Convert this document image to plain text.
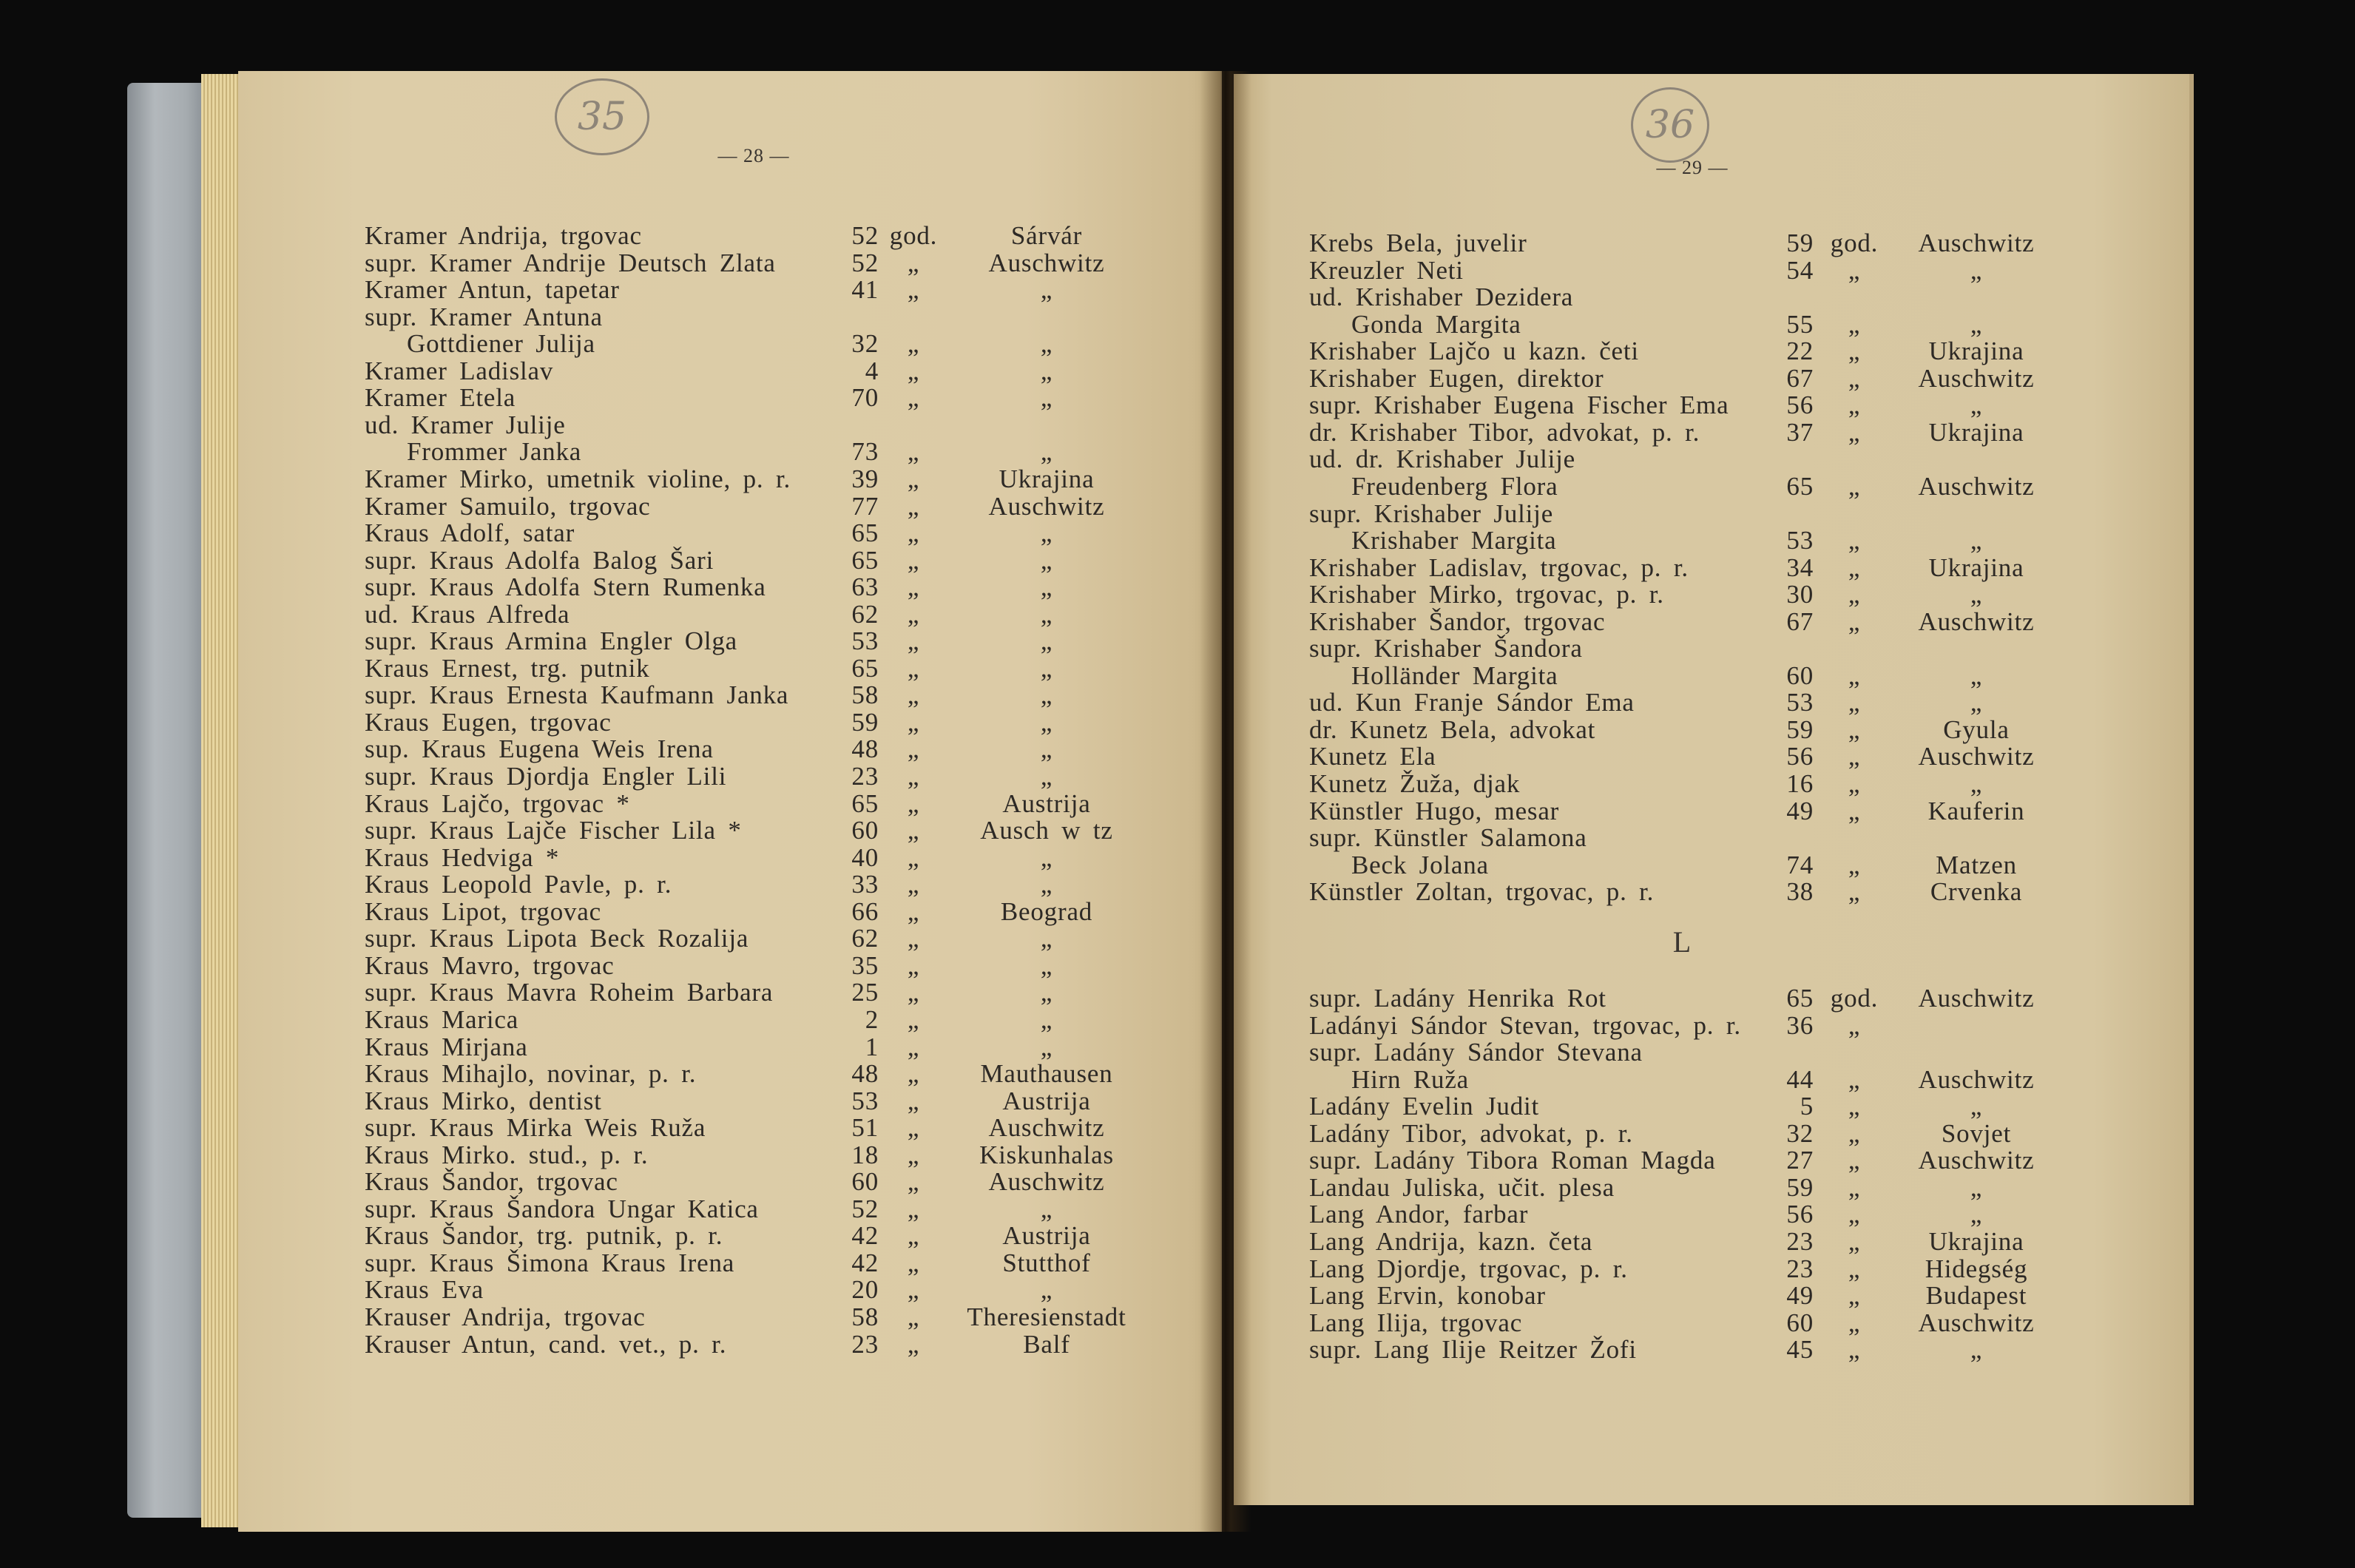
35
— 28 —
36
— 29 —
Kramer Andrija, trgovac	52 god.	Sárvár
supr. Kramer Andrije Deutsch Zlata	52	„	Auschwitz
Kramer Antun, tapetar	41	„	„
supr. Kramer Antuna
Gottdiener Julija	32	„	„
Kramer Ladislav	4	„	„
Kramer Etela	70	„	„
ud. Kramer Julije
Frommer Janka	73	„	„
Kramer Mirko, umetnik violine, p. r.	39	„	Ukrajina
Kramer Samuilo, trgovac	77	„	Auschwitz
Kraus Adolf, satar	65	„	„
supr. Kraus Adolfa Balog Šari	65	„	„
supr. Kraus Adolfa Stern Rumenka	63	„	„
ud. Kraus Alfreda	62	„	„
supr. Kraus Armina Engler Olga	53	„	„
Kraus Ernest, trg. putnik	65	„	„
supr. Kraus Ernesta Kaufmann Janka	58	„	„
Kraus Eugen, trgovac	59	„	„
sup. Kraus Eugena Weis Irena	48	„	„
supr. Kraus Djordja Engler Lili	23	„	„
Kraus Lajčo, trgovac *	65	„	Austrija
supr. Kraus Lajče Fischer Lila *	60	„	Ausch w tz
Kraus Hedviga *	40	„	„
Kraus Leopold Pavle, p. r.	33	„	„
Kraus Lipot, trgovac	66	„	Beograd
supr. Kraus Lipota Beck Rozalija	62	„	„
Kraus Mavro, trgovac	35	„	„
supr. Kraus Mavra Roheim Barbara	25	„	„
Kraus Marica	2	„	„
Kraus Mirjana	1	„	„
Kraus Mihajlo, novinar, p. r.	48	„	Mauthausen
Kraus Mirko, dentist	53	„	Austrija
supr. Kraus Mirka Weis Ruža	51	„	Auschwitz
Kraus Mirko. stud., p. r.	18	„	Kiskunhalas
Kraus Šandor, trgovac	60	„	Auschwitz
supr. Kraus Šandora Ungar Katica	52	„	„
Kraus Šandor, trg. putnik, p. r.	42	„	Austrija
supr. Kraus Šimona Kraus Irena	42	„	Stutthof
Kraus Eva	20	„	„
Krauser Andrija, trgovac	58	„	Theresienstadt
Krauser Antun, cand. vet., p. r.	23	„	Balf
Krebs Bela, juvelir	59 god.	Auschwitz
Kreuzler Neti	54	„	„
ud. Krishaber Dezidera
Gonda Margita	55	„	„
Krishaber Lajčo u kazn. četi	22	„	Ukrajina
Krishaber Eugen, direktor	67	„	Auschwitz
supr. Krishaber Eugena Fischer Ema	56	„	„
dr. Krishaber Tibor, advokat, p. r.	37	„	Ukrajina
ud. dr. Krishaber Julije
Freudenberg Flora	65	„	Auschwitz
supr. Krishaber Julije
Krishaber Margita	53	„	„
Krishaber Ladislav, trgovac, p. r.	34	„	Ukrajina
Krishaber Mirko, trgovac, p. r.	30	„	„
Krishaber Šandor, trgovac	67	„	Auschwitz
supr. Krishaber Šandora
Holländer Margita	60	„	„
ud. Kun Franje Sándor Ema	53	„	„
dr. Kunetz Bela, advokat	59	„	Gyula
Kunetz Ela	56	„	Auschwitz
Kunetz Žuža, djak	16	„	„
Künstler Hugo, mesar	49	„	Kauferin
supr. Künstler Salamona
Beck Jolana	74	„	Matzen
Künstler Zoltan, trgovac, p. r.	38	„	Crvenka
L
supr. Ladány Henrika Rot	65 god.	Auschwitz
Ladányi Sándor Stevan, trgovac, p. r.	36	„
supr. Ladány Sándor Stevana
Hirn Ruža	44	„	Auschwitz
Ladány Evelin Judit	5	„	„
Ladány Tibor, advokat, p. r.	32	„	Sovjet
supr. Ladány Tibora Roman Magda	27	„	Auschwitz
Landau Juliska, učit. plesa	59	„	„
Lang Andor, farbar	56	„	„
Lang Andrija, kazn. četa	23	„	Ukrajina
Lang Djordje, trgovac, p. r.	23	„	Hidegség
Lang Ervin, konobar	49	„	Budapest
Lang Ilija, trgovac	60	„	Auschwitz
supr. Lang Ilije Reitzer Žofi	45	„	„
